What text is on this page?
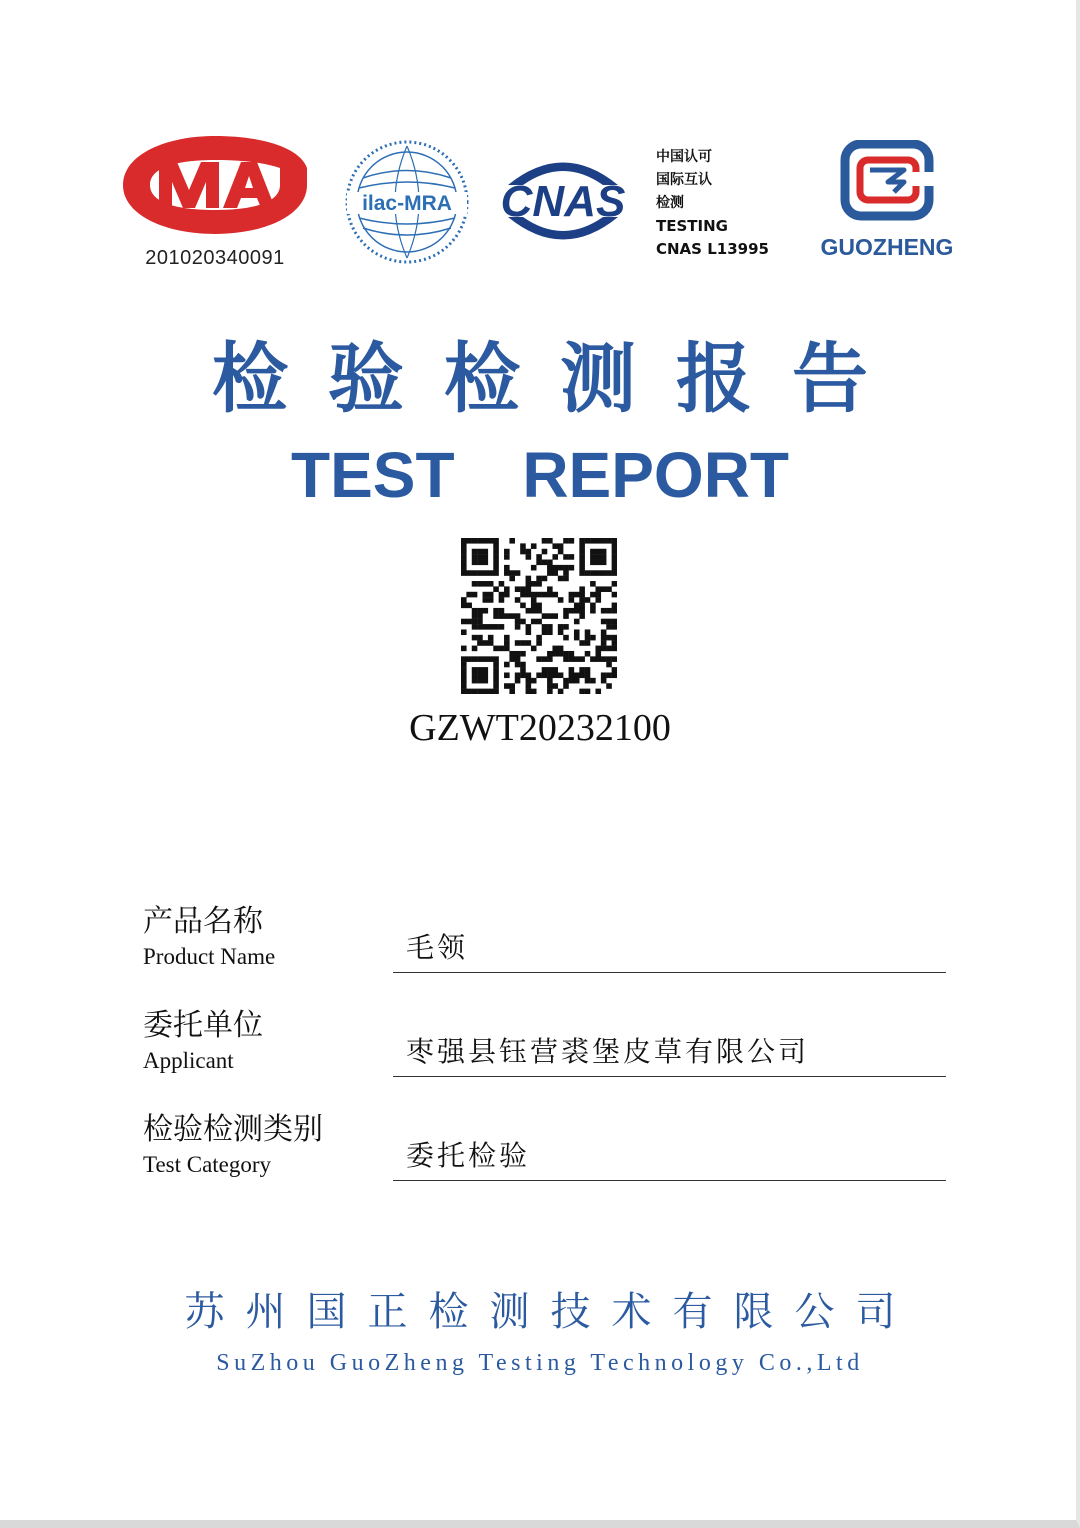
201020340091
ilac-MRA CNAS
中国认可
国际互认
检测
TESTING
CNAS L13995	GUOZHENG
检验检测报告
TEST REPORT
GZWT20232100
产品名称
Product Name	毛领
委托单位
Applicant	枣强县钰营裘堡皮草有限公司
检验检测类别
Test Category	委托检验
苏州国正检测技术有限公司
SuZhou GuoZheng Testing Technology Co.,Ltd
